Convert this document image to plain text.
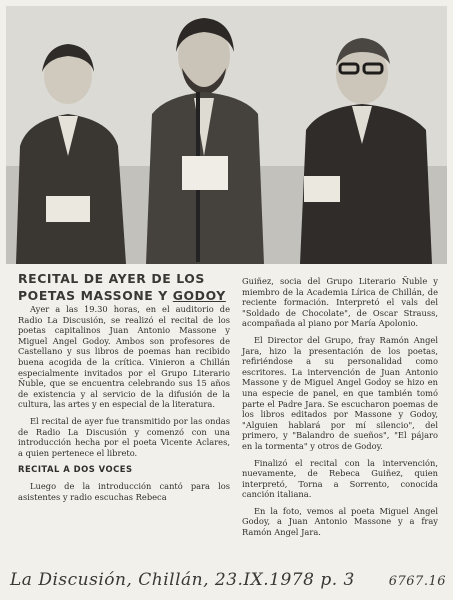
RECITAL DE AYER DE LOS
POETAS MASSONE Y GODOY

Ayer a las 19.30 horas, en el auditorio de Radio La Discusión, se realizó el recital de los poetas capitalinos Juan Antonio Massone y Miguel Angel Godoy. Ambos son profesores de Castellano y sus libros de poemas han recibido buena acogida de la crítica. Vinieron a Chillán especialmente invitados por el Grupo Literario Ñuble, que se encuentra celebrando sus 15 años de existencia y al servicio de la difusión de la cultura, las artes y en especial de la literatura.

El recital de ayer fue transmitido por las ondas de Radio La Discusión y comenzó con una introducción hecha por el poeta Vicente Aclares, a quien pertenece el libreto.

RECITAL A DOS VOCES

Luego de la introducción cantó para los asistentes y radio escuchas Rebeca

Guiñez, socia del Grupo Literario Ñuble y miembro de la Academia Lírica de Chillán, de reciente formación. Interpretó el vals del "Soldado de Chocolate", de Oscar Strauss, acompañada al piano por María Apolonio.

El Director del Grupo, fray Ramón Angel Jara, hizo la presentación de los poetas, refiriéndose a su personalidad como escritores. La intervención de Juan Antonio Massone y de Miguel Angel Godoy se hizo en una especie de panel, en que también tomó parte el Padre Jara. Se escucharon poemas de los libros editados por Massone y Godoy, "Alguien hablará por mí silencio", del primero, y "Balandro de sueños", "El pájaro en la tormenta" y otros de Godoy.

Finalizó el recital con la intervención, nuevamente, de Rebeca Guiñez, quien interpretó, Torna a Sorrento, conocida canción italiana.

En la foto, vemos al poeta Miguel Angel Godoy, a Juan Antonio Massone y a fray Ramón Angel Jara.

La Discusión, Chillán, 23.IX.1978 p. 3	6767.16
